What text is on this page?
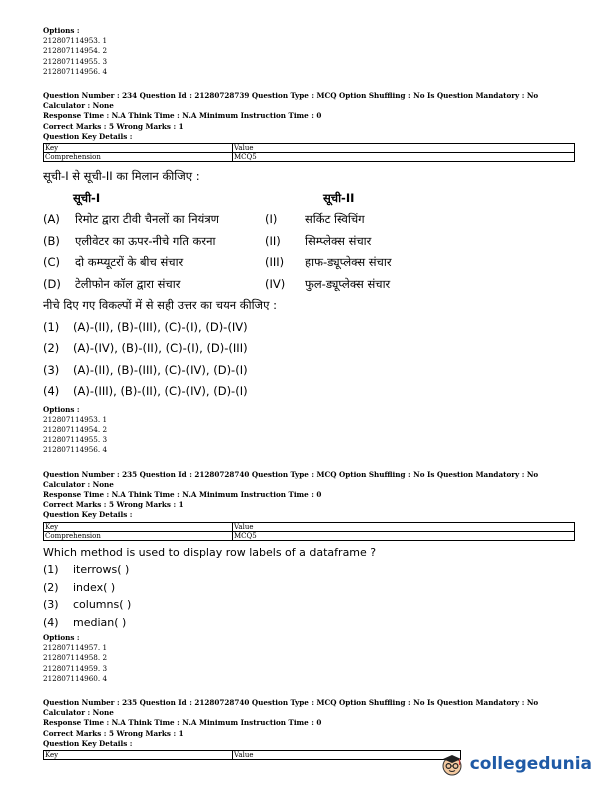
Options :
212807114953. 1
212807114954. 2
212807114955. 3
212807114956. 4
Question Number : 234 Question Id : 21280728739 Question Type : MCQ Option Shuffling : No Is Question Mandatory : No Calculator : None
Response Time : N.A Think Time : N.A Minimum Instruction Time : 0
Correct Marks : 5 Wrong Marks : 1
Question Key Details :
Key	Value
Comprehension	MCQ5
सूची-I से सूची-II का मिलान कीजिए :
सूची-I	सूची-II
(A)	रिमोट द्वारा टीवी चैनलों का नियंत्रण	(I)	सर्किट स्विचिंग
(B)	एलीवेटर का ऊपर-नीचे गति करना	(II)	सिम्प्लेक्स संचार
(C)	दो कम्प्यूटरों के बीच संचार	(III)	हाफ-ड्यूप्लेक्स संचार
(D)	टेलीफोन कॉल द्वारा संचार	(IV)	फुल-ड्यूप्लेक्स संचार
नीचे दिए गए विकल्पों में से सही उत्तर का चयन कीजिए :
(1)	(A)-(II), (B)-(III), (C)-(I), (D)-(IV)
(2)	(A)-(IV), (B)-(II), (C)-(I), (D)-(III)
(3)	(A)-(II), (B)-(III), (C)-(IV), (D)-(I)
(4)	(A)-(III), (B)-(II), (C)-(IV), (D)-(I)
Options :
212807114953. 1
212807114954. 2
212807114955. 3
212807114956. 4
Question Number : 235 Question Id : 21280728740 Question Type : MCQ Option Shuffling : No Is Question Mandatory : No Calculator : None
Response Time : N.A Think Time : N.A Minimum Instruction Time : 0
Correct Marks : 5 Wrong Marks : 1
Question Key Details :
Key	Value
Comprehension	MCQ5
Which method is used to display row labels of a dataframe ?
(1)	iterrows( )
(2)	index( )
(3)	columns( )
(4)	median( )
Options :
212807114957. 1
212807114958. 2
212807114959. 3
212807114960. 4
Question Number : 235 Question Id : 21280728740 Question Type : MCQ Option Shuffling : No Is Question Mandatory : No Calculator : None
Response Time : N.A Think Time : N.A Minimum Instruction Time : 0
Correct Marks : 5 Wrong Marks : 1
Question Key Details :
Key	Value	collegedunia
